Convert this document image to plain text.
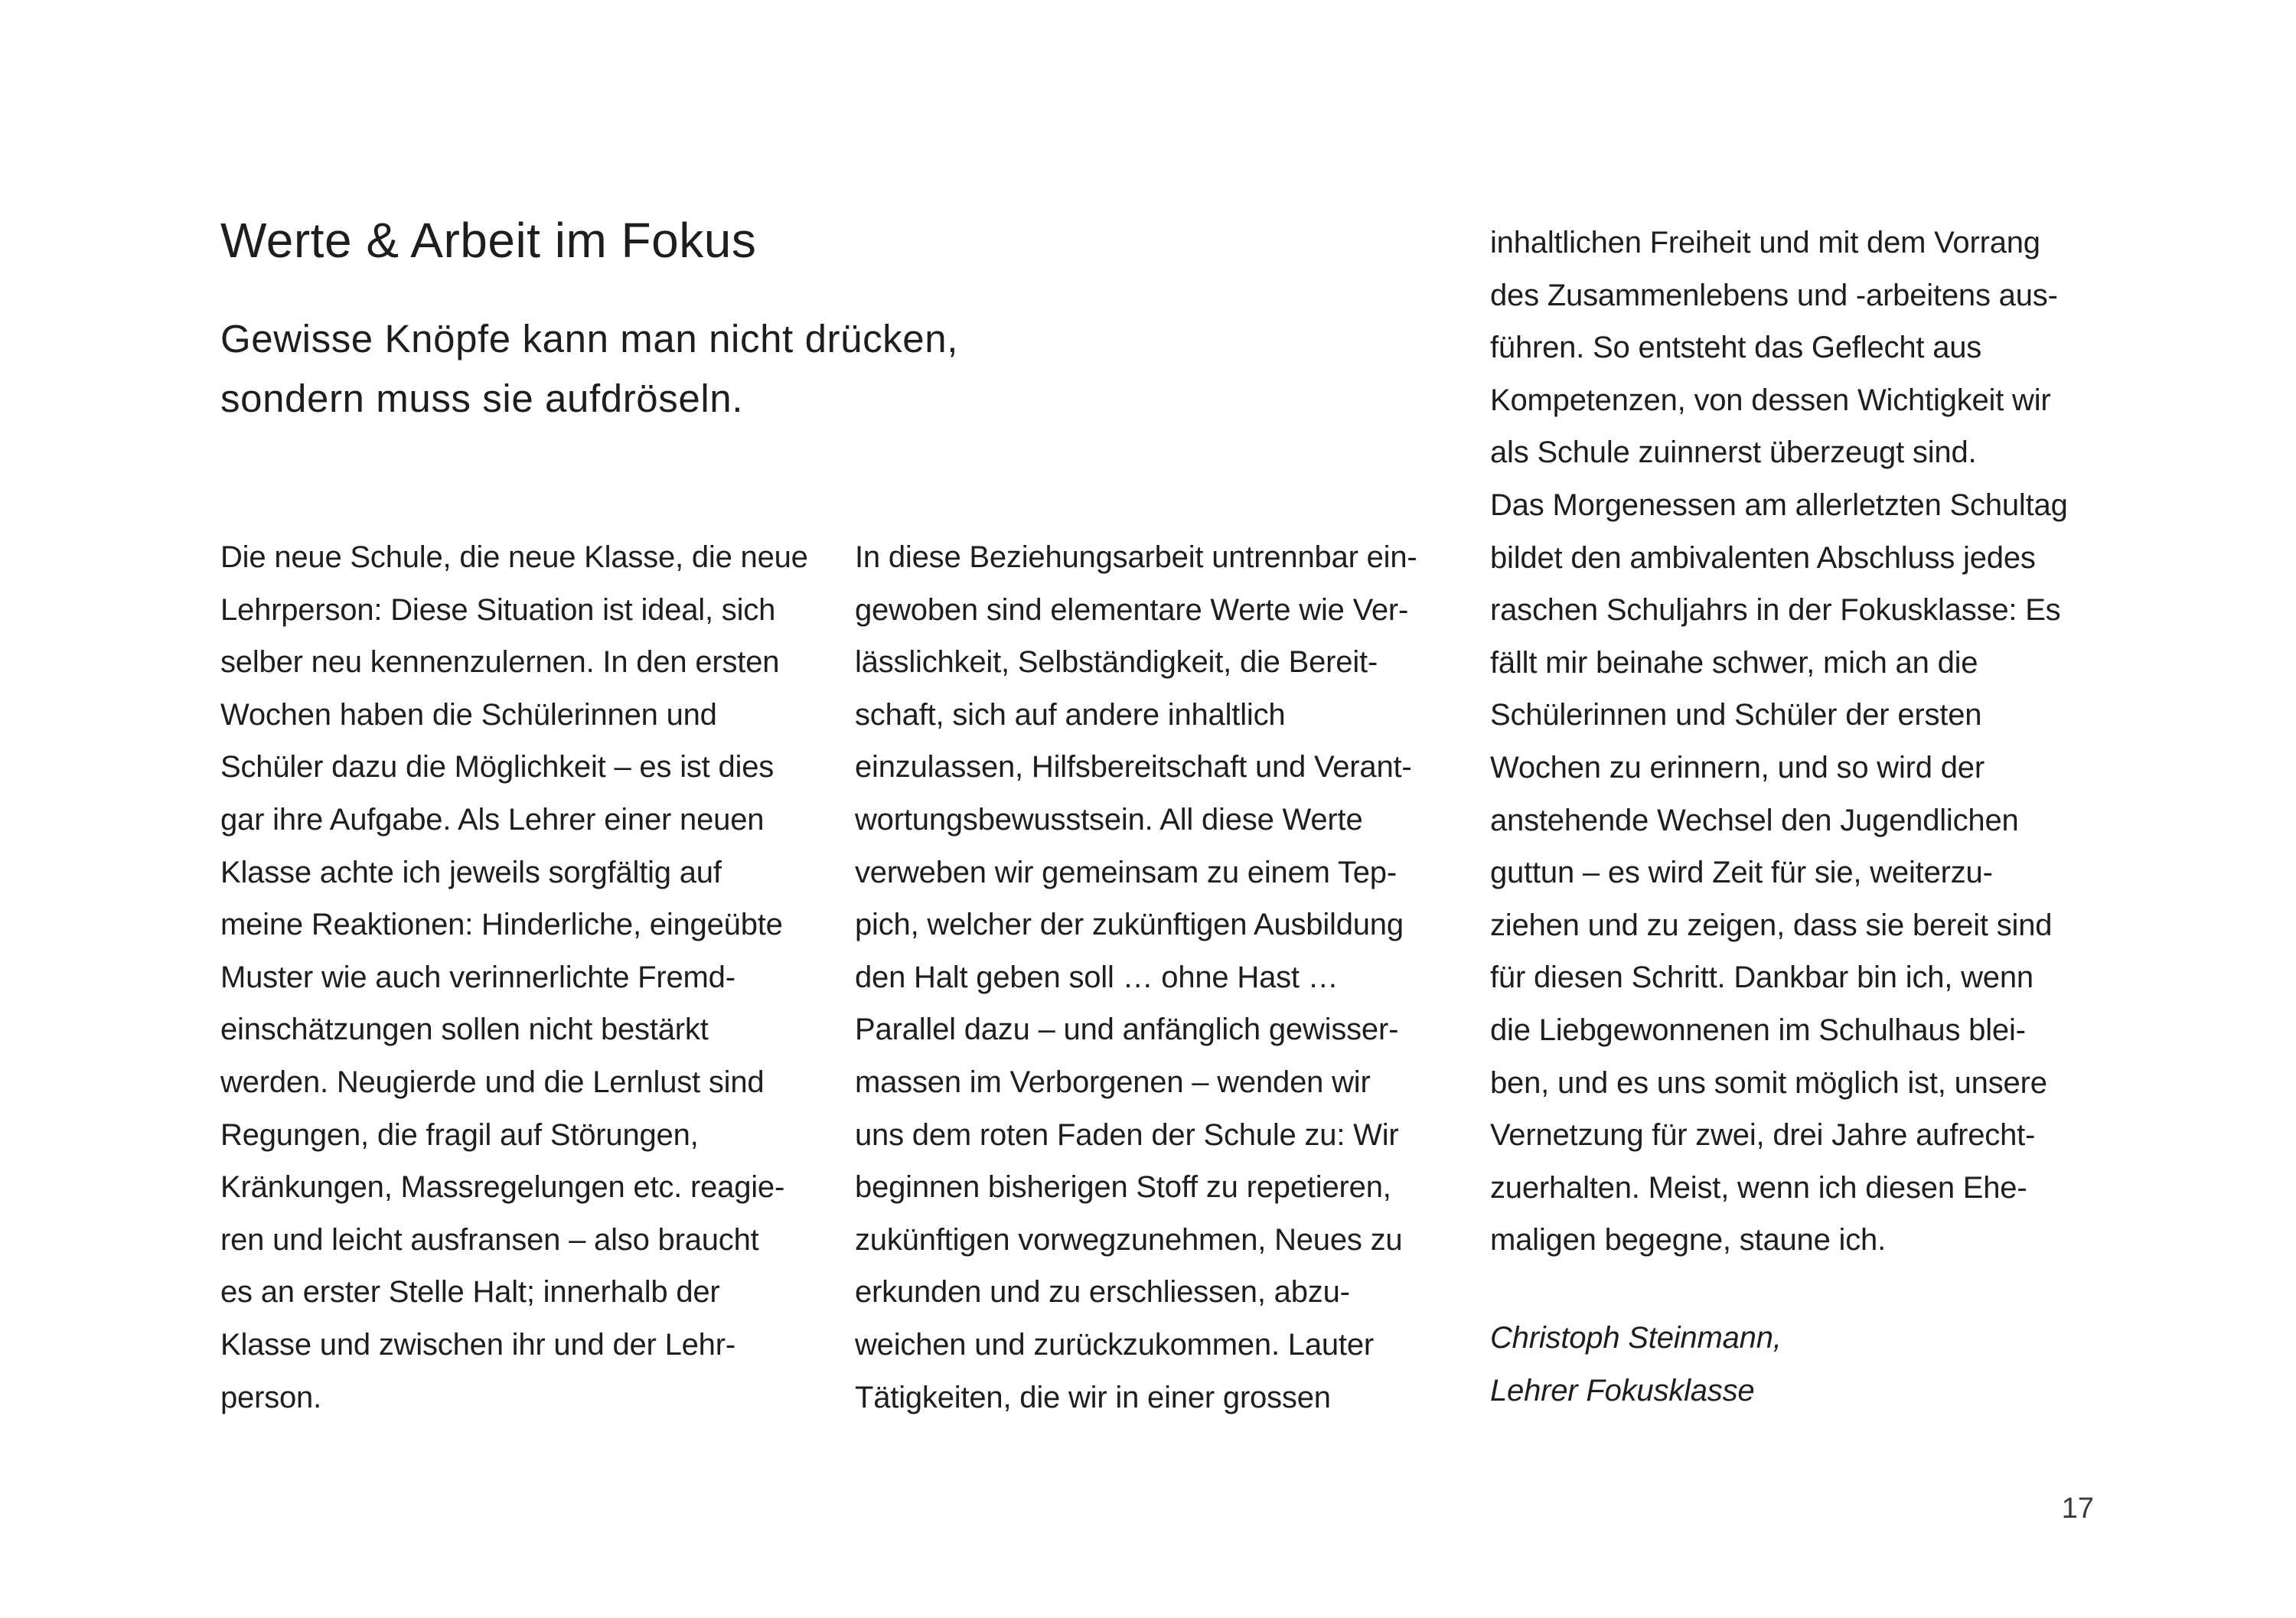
Werte & Arbeit im Fokus
Gewisse Knöpfe kann man nicht drücken,
sondern muss sie aufdröseln.
Die neue Schule, die neue Klasse, die neue
Lehrperson: Diese Situation ist ideal, sich
selber neu kennenzulernen. In den ersten
Wochen haben die Schülerinnen und
Schüler dazu die Möglichkeit – es ist dies
gar ihre Aufgabe. Als Lehrer einer neuen
Klasse achte ich jeweils sorgfältig auf
meine Reaktionen: Hinderliche, eingeübte
Muster wie auch verinnerlichte Fremd-
einschätzungen sollen nicht bestärkt
werden. Neugierde und die Lernlust sind
Regungen, die fragil auf Störungen,
Kränkungen, Massregelungen etc. reagie-
ren und leicht ausfransen – also braucht
es an erster Stelle Halt; innerhalb der
Klasse und zwischen ihr und der Lehr-
person.
In diese Beziehungsarbeit untrennbar ein-
gewoben sind elementare Werte wie Ver-
lässlichkeit, Selbständigkeit, die Bereit-
schaft, sich auf andere inhaltlich
einzulassen, Hilfsbereitschaft und Verant-
wortungsbewusstsein. All diese Werte
verweben wir gemeinsam zu einem Tep-
pich, welcher der zukünftigen Ausbildung
den Halt geben soll … ohne Hast …
Parallel dazu – und anfänglich gewisser-
massen im Verborgenen – wenden wir
uns dem roten Faden der Schule zu: Wir
beginnen bisherigen Stoff zu repetieren,
zukünftigen vorwegzunehmen, Neues zu
erkunden und zu erschliessen, abzu-
weichen und zurückzukommen. Lauter
Tätigkeiten, die wir in einer grossen
inhaltlichen Freiheit und mit dem Vorrang
des Zusammenlebens und -arbeitens aus-
führen. So entsteht das Geflecht aus
Kompetenzen, von dessen Wichtigkeit wir
als Schule zuinnerst überzeugt sind.
Das Morgenessen am allerletzten Schultag
bildet den ambivalenten Abschluss jedes
raschen Schuljahrs in der Fokusklasse: Es
fällt mir beinahe schwer, mich an die
Schülerinnen und Schüler der ersten
Wochen zu erinnern, und so wird der
anstehende Wechsel den Jugendlichen
guttun – es wird Zeit für sie, weiterzu-
ziehen und zu zeigen, dass sie bereit sind
für diesen Schritt. Dankbar bin ich, wenn
die Liebgewonnenen im Schulhaus blei-
ben, und es uns somit möglich ist, unsere
Vernetzung für zwei, drei Jahre aufrecht-
zuerhalten. Meist, wenn ich diesen Ehe-
maligen begegne, staune ich.
Christoph Steinmann,
Lehrer Fokusklasse
17
